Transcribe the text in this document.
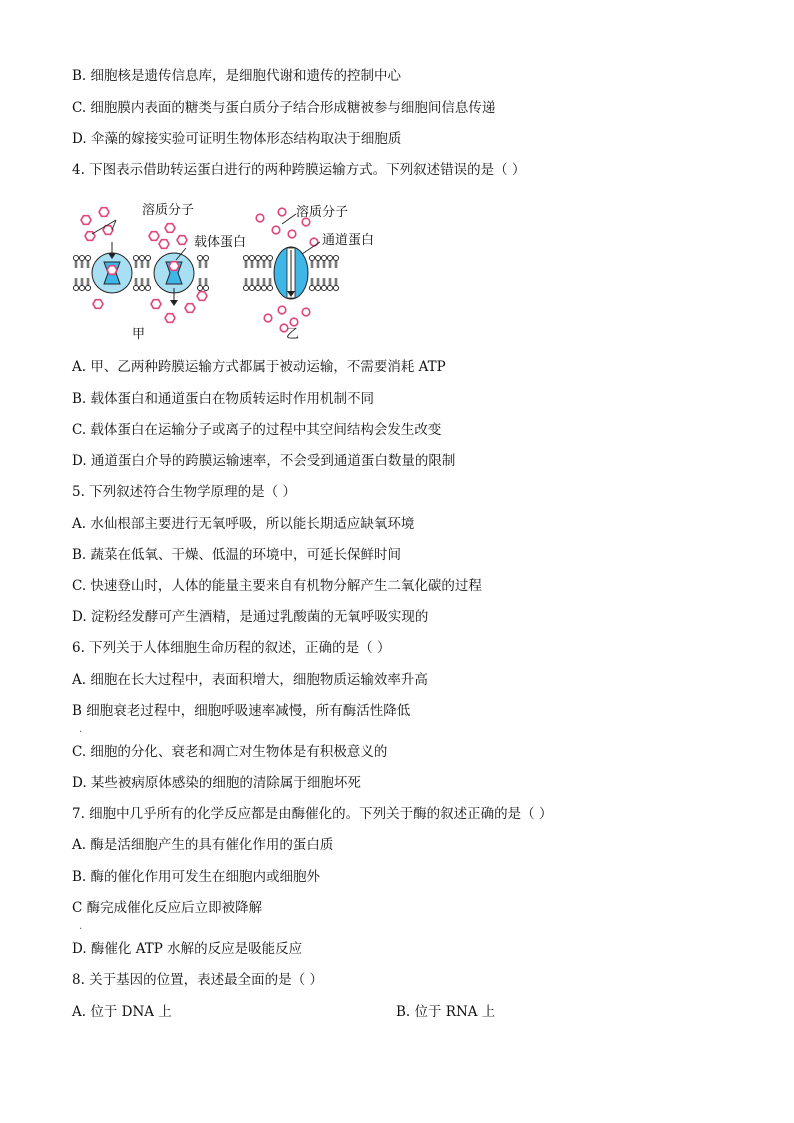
B. 细胞核是遗传信息库，是细胞代谢和遗传的控制中心
C. 细胞膜内表面的糖类与蛋白质分子结合形成糖被参与细胞间信息传递
D. 伞藻的嫁接实验可证明生物体形态结构取决于细胞质
4. 下图表示借助转运蛋白进行的两种跨膜运输方式。下列叙述错误的是（ ）
溶质分子
载体蛋白
甲
溶质分子
通道蛋白
乙
A. 甲、乙两种跨膜运输方式都属于被动运输，不需要消耗 ATP
B. 载体蛋白和通道蛋白在物质转运时作用机制不同
C. 载体蛋白在运输分子或离子的过程中其空间结构会发生改变
D. 通道蛋白介导的跨膜运输速率，不会受到通道蛋白数量的限制
5. 下列叙述符合生物学原理的是（ ）
A. 水仙根部主要进行无氧呼吸，所以能长期适应缺氧环境
B. 蔬菜在低氧、干燥、低温的环境中，可延长保鲜时间
C. 快速登山时，人体的能量主要来自有机物分解产生二氧化碳的过程
D. 淀粉经发酵可产生酒精，是通过乳酸菌的无氧呼吸实现的
6. 下列关于人体细胞生命历程的叙述，正确的是（ ）
A. 细胞在长大过程中，表面积增大，细胞物质运输效率升高
B 细胞衰老过程中，细胞呼吸速率减慢，所有酶活性降低
.
C. 细胞的分化、衰老和凋亡对生物体是有积极意义的
D. 某些被病原体感染的细胞的清除属于细胞坏死
7. 细胞中几乎所有的化学反应都是由酶催化的。下列关于酶的叙述正确的是（ ）
A. 酶是活细胞产生的具有催化作用的蛋白质
B. 酶的催化作用可发生在细胞内或细胞外
C 酶完成催化反应后立即被降解
.
D. 酶催化 ATP 水解的反应是吸能反应
8. 关于基因的位置，表述最全面的是（ ）
A. 位于 DNA 上	B. 位于 RNA 上
